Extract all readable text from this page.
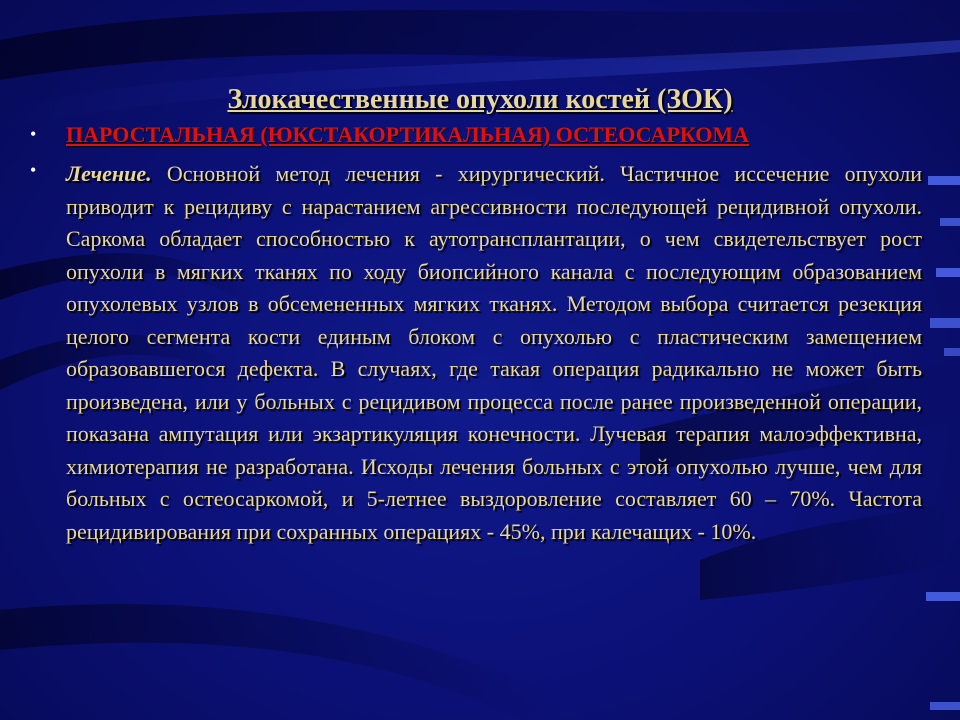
Злокачественные опухоли костей (ЗОК)
• ПАРОСТАЛЬНАЯ (ЮКСТАКОРТИКАЛЬНАЯ) ОСТЕОСАРКОМА
• Лечение. Основной метод лечения - хирургический. Частичное иссечение опухоли приводит к рецидиву с нарастанием агрессивности последующей рецидивной опухоли. Саркома обладает способностью к аутотрансплантации, о чем свидетельствует рост опухоли в мягких тканях по ходу биопсийного канала с последующим образованием опухолевых узлов в обсемененных мягких тканях. Методом выбора считается резекция целого сегмента кости единым блоком с опухолью с пластическим замещением образовавшегося дефекта. В случаях, где такая операция радикально не может быть произведена, или у больных с рецидивом процесса после ранее произведенной операции, показана ампутация или экзартикуляция конечности. Лучевая терапия малоэффективна, химиотерапия не разработана. Исходы лечения больных с этой опухолью лучше, чем для больных с остеосаркомой, и 5-летнее выздоровление составляет 60 – 70%. Частота рецидивирования при сохранных операциях - 45%, при калечащих - 10%.
